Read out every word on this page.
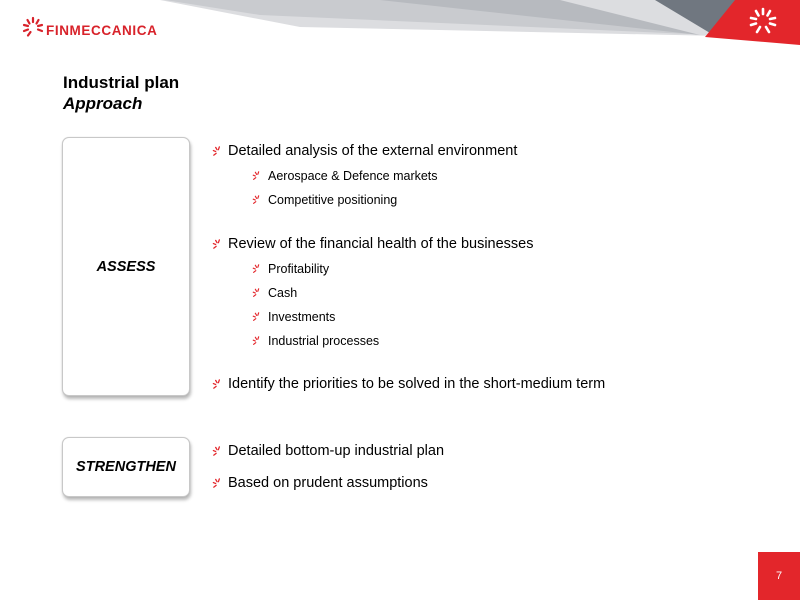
FINMECCANICA
Industrial plan
Approach
ASSESS
STRENGTHEN
Detailed analysis of the external environment
Aerospace & Defence markets
Competitive positioning
Review of the financial health of the businesses
Profitability
Cash
Investments
Industrial processes
Identify the priorities to be solved in the short-medium term
Detailed bottom-up industrial plan
Based on prudent assumptions
7
